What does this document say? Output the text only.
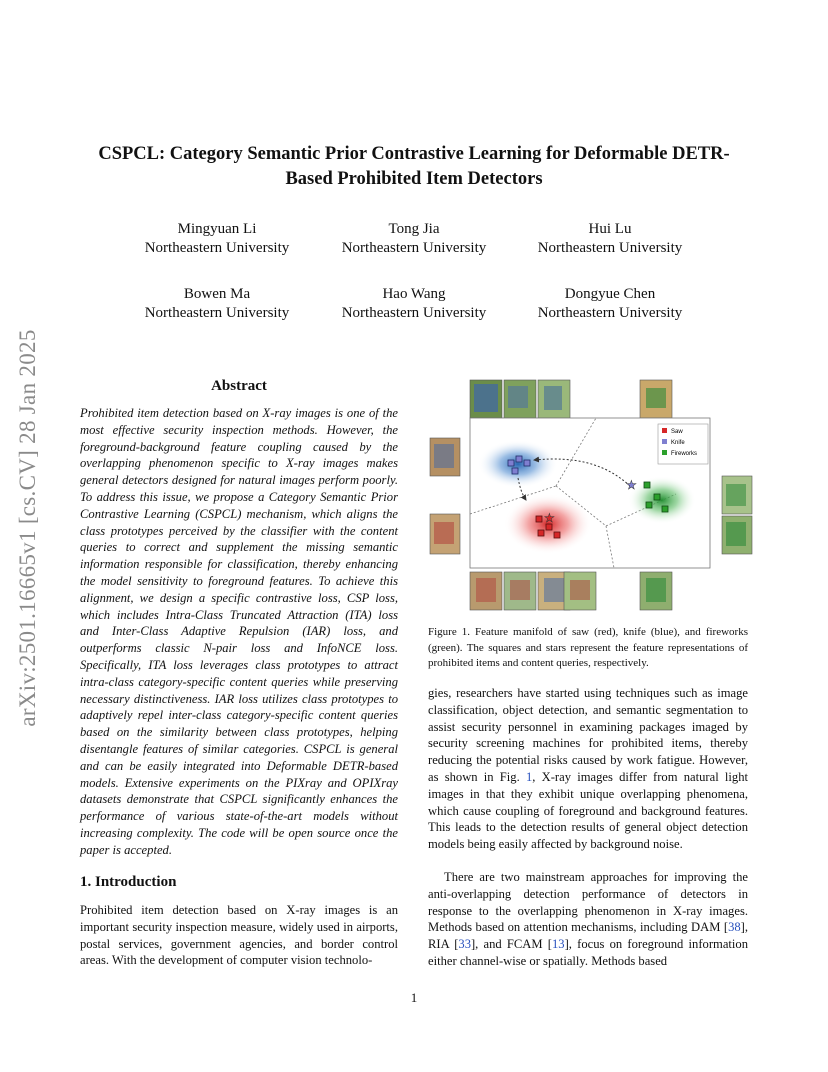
arXiv:2501.16665v1 [cs.CV] 28 Jan 2025
CSPCL: Category Semantic Prior Contrastive Learning for Deformable DETR-Based Prohibited Item Detectors
Mingyuan Li
Northeastern University
Tong Jia
Northeastern University
Hui Lu
Northeastern University
Bowen Ma
Northeastern University
Hao Wang
Northeastern University
Dongyue Chen
Northeastern University
Abstract
Prohibited item detection based on X-ray images is one of the most effective security inspection methods. However, the foreground-background feature coupling caused by the overlapping phenomenon specific to X-ray images makes general detectors designed for natural images perform poorly. To address this issue, we propose a Category Semantic Prior Contrastive Learning (CSPCL) mechanism, which aligns the class prototypes perceived by the classifier with the content queries to correct and supplement the missing semantic information responsible for classification, thereby enhancing the model sensitivity to foreground features. To achieve this alignment, we design a specific contrastive loss, CSP loss, which includes Intra-Class Truncated Attraction (ITA) loss and Inter-Class Adaptive Repulsion (IAR) loss, and outperforms classic N-pair loss and InfoNCE loss. Specifically, ITA loss leverages class prototypes to attract intra-class category-specific content queries while preserving necessary distinctiveness. IAR loss utilizes class prototypes to adaptively repel inter-class category-specific content queries based on the similarity between class prototypes, helping disentangle features of similar categories. CSPCL is general and can be easily integrated into Deformable DETR-based models. Extensive experiments on the PIXray and OPIXray datasets demonstrate that CSPCL significantly enhances the performance of various state-of-the-art models without increasing complexity. The code will be open source once the paper is accepted.
1. Introduction
Prohibited item detection based on X-ray images is an important security inspection measure, widely used in airports, postal services, government agencies, and border control areas. With the development of computer vision technolo-
★
★
Saw
Knife
Fireworks
Figure 1. Feature manifold of saw (red), knife (blue), and fireworks (green). The squares and stars represent the feature representations of prohibited items and content queries, respectively.
gies, researchers have started using techniques such as image classification, object detection, and semantic segmentation to assist security personnel in examining packages imaged by security screening machines for prohibited items, thereby reducing the potential risks caused by work fatigue. However, as shown in Fig. 1, X-ray images differ from natural light images in that they exhibit unique overlapping phenomena, which cause coupling of foreground and background features. This leads to the detection results of general object detection models being easily affected by background noise.
There are two mainstream approaches for improving the anti-overlapping detection performance of detectors in response to the overlapping phenomenon in X-ray images. Methods based on attention mechanisms, including DAM [38], RIA [33], and FCAM [13], focus on foreground information either channel-wise or spatially. Methods based
1
